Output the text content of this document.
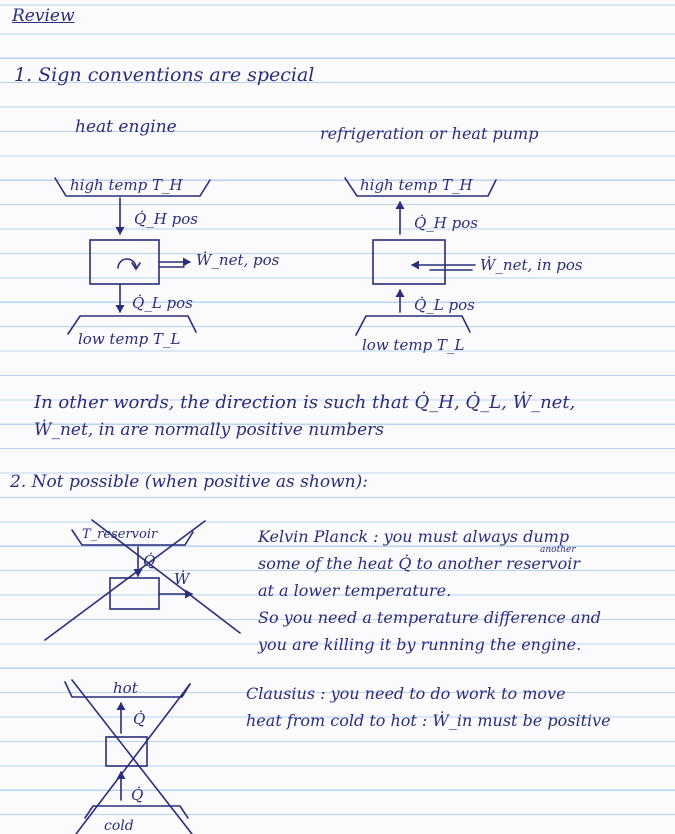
Review
1. Sign conventions are special
heat engine	refrigeration or heat pump
high temp T_H
Q̇_H pos
Ẇ_net, pos
Q̇_L pos
low temp T_L
high temp T_H
Q̇_H pos
Ẇ_net, in pos
Q̇_L pos
low temp T_L
T_reservoir
Q̇
Ẇ
hot
Q̇
Q̇
cold
In other words, the direction is such that Q̇_H, Q̇_L, Ẇ_net,
Ẇ_net, in are normally positive numbers
2. Not possible (when positive as shown):
Kelvin Planck : you must always dump
another
some of the heat Q̇ to another reservoir
at a lower temperature.
So you need a temperature difference and
you are killing it by running the engine.
Clausius : you need to do work to move
heat from cold to hot : Ẇ_in must be positive
